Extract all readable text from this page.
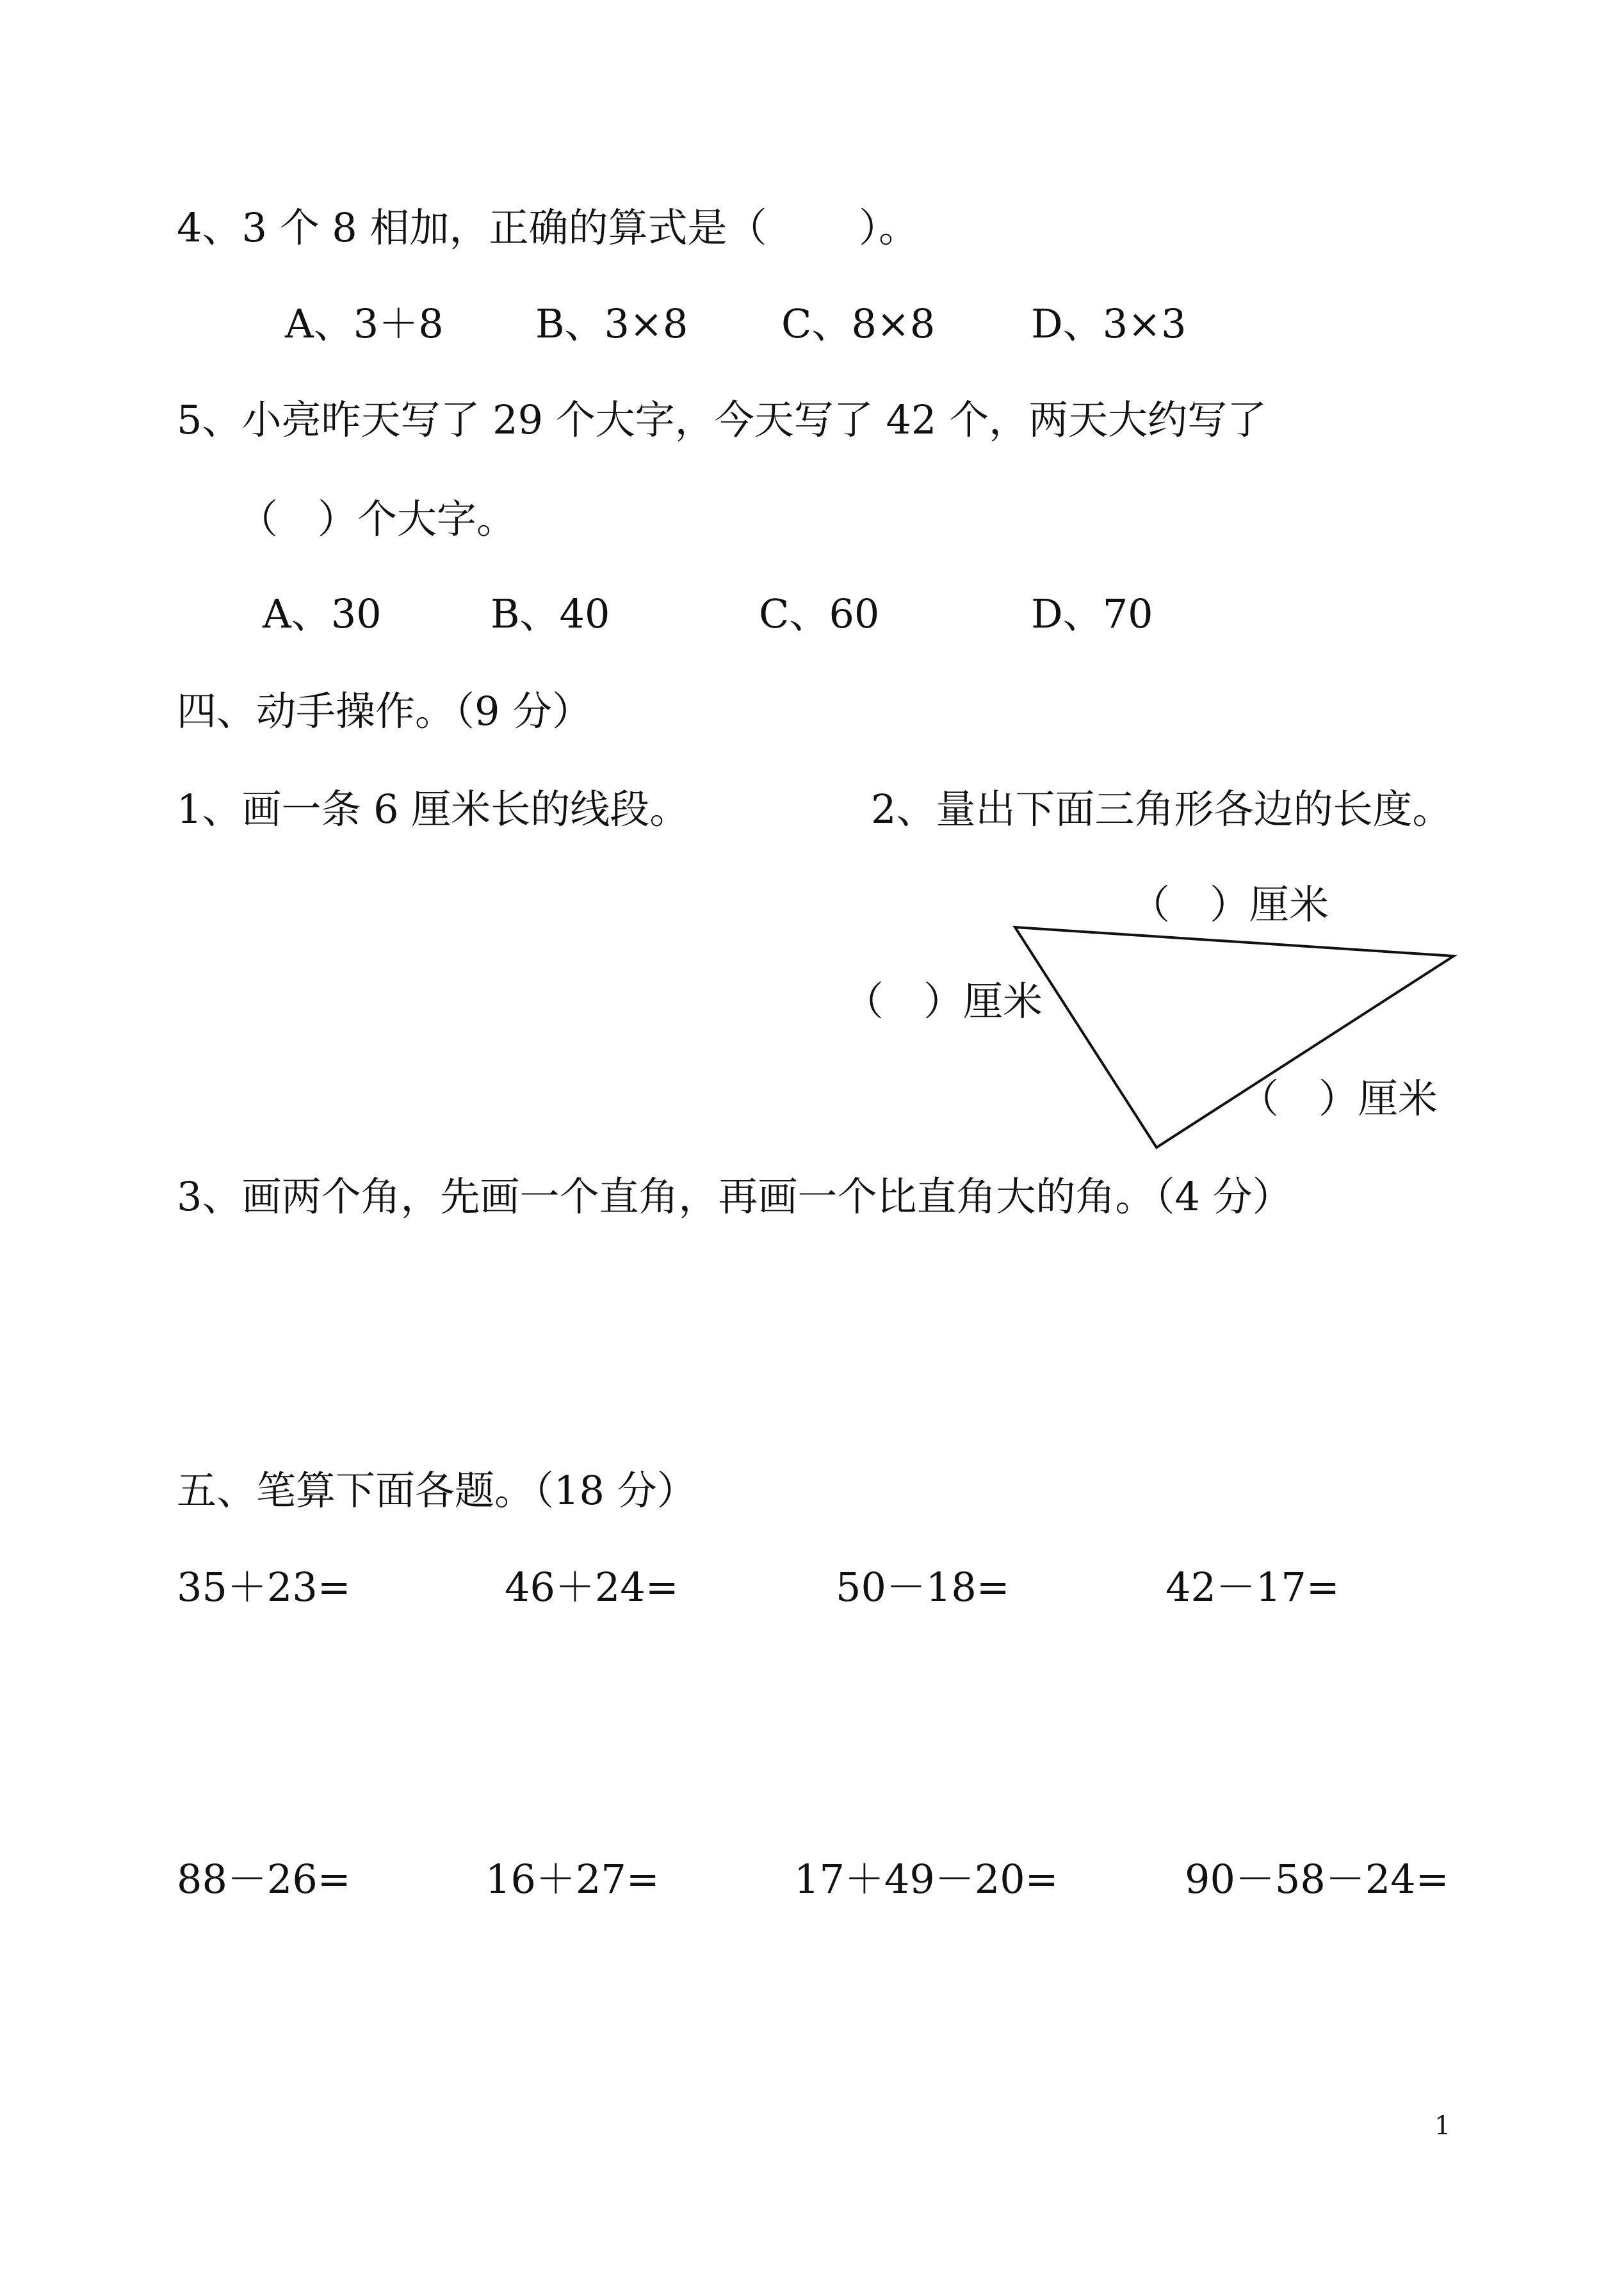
4、3 个 8 相加，正确的算式是（　　 ）。
A、3＋8 B、3×8 C、8×8 D、3×3
5、小亮昨天写了 29 个大字，今天写了 42 个，两天大约写了
（　）个大字。
A、30	B、40	C、60	D、70
四、动手操作。（9 分）
1、画一条 6 厘米长的线段。	2、量出下面三角形各边的长度。
（　）厘米
（　）厘米
（　）厘米
3、画两个角，先画一个直角，再画一个比直角大的角。（4 分）
五、笔算下面各题。（18 分）
35＋23=	46＋24=	50－18=	42－17=
88－26=	16＋27=	17＋49－20=	90－58－24=
1
